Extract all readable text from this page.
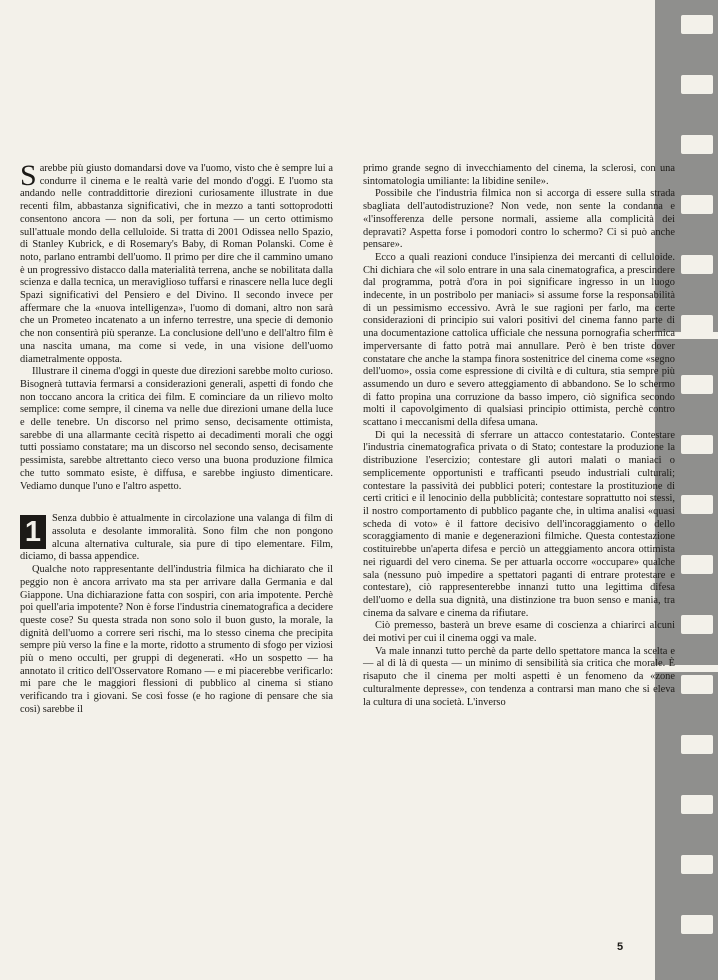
Sarebbe più giusto domandarsi dove va l'uomo, visto che è sempre lui a condurre il cinema e le realtà varie del mondo d'oggi. E l'uomo sta andando nelle contraddittorie direzioni curiosamente illustrate in due recenti film, abbastanza significativi, che in mezzo a tanti sottoprodotti consentono ancora — non da soli, per fortuna — un certo ottimismo sull'attuale mondo della celluloide. Si tratta di 2001 Odissea nello Spazio, di Stanley Kubrick, e di Rosemary's Baby, di Roman Polanski. Come è noto, parlano entrambi dell'uomo. Il primo per dire che il cammino umano è un progressivo distacco dalla materialità terrena, anche se nobilitata dalla scienza e dalla tecnica, un meraviglioso tuffarsi e rinascere nella luce degli Spazi significativi del Pensiero e del Divino. Il secondo invece per affermare che la «nuova intelligenza», l'uomo di domani, altro non sarà che un Prometeo incatenato a un inferno terrestre, una specie di demonio che non consentirà più speranze. La conclusione dell'uno e dell'altro film è una nascita umana, ma come si vede, in una visione dell'uomo diametralmente opposta.

Illustrare il cinema d'oggi in queste due direzioni sarebbe molto curioso. Bisognerà tuttavia fermarsi a considerazioni generali, aspetti di fondo che non toccano ancora la critica dei film. E cominciare da un rilievo molto semplice: come sempre, il cinema va nelle due direzioni umane della luce e delle tenebre. Un discorso nel primo senso, decisamente ottimista, sarebbe di una allarmante cecità rispetto ai decadimenti morali che oggi tutti possiamo constatare; ma un discorso nel secondo senso, decisamente pessimista, sarebbe altrettanto cieco verso una buona produzione filmica che tutto sommato esiste, è diffusa, e sarebbe ingiusto dimenticare. Vediamo dunque l'uno e l'altro aspetto.

1	Senza dubbio è attualmente in circolazione una valanga di film di assoluta e desolante immoralità. Sono film che non pongono alcuna alternativa culturale, sia pure di tipo elementare. Film, diciamo, di bassa appendice.

Qualche noto rappresentante dell'industria filmica ha dichiarato che il peggio non è ancora arrivato ma sta per arrivare dalla Germania e dal Giappone. Una dichiarazione fatta con sospiri, con aria impotente. Perchè poi quell'aria impotente? Non è forse l'industria cinematografica a decidere queste cose? Su questa strada non sono solo il buon gusto, la morale, la dignità dell'uomo a correre seri rischi, ma lo stesso cinema che precipita sempre più verso la fine e la morte, ridotto a strumento di sfogo per viziosi più o meno occulti, per gruppi di degenerati. «Ho un sospetto — ha annotato il critico dell'Osservatore Romano — e mi piacerebbe verificarlo: mi pare che le maggiori flessioni di pubblico al cinema si stiano verificando tra i giovani. Se così fosse (e ho ragione di pensare che sia così) sarebbe il

primo grande segno di invecchiamento del cinema, la sclerosi, con una sintomatologia umiliante: la libidine senile».

Possibile che l'industria filmica non si accorga di essere sulla strada sbagliata dell'autodistruzione? Non vede, non sente la condanna e «l'insofferenza delle persone normali, assieme alla complicità dei depravati? Aspetta forse i pomodori contro lo schermo? Ci si può anche pensare».

Ecco a quali reazioni conduce l'insipienza dei mercanti di celluloide. Chi dichiara che «il solo entrare in una sala cinematografica, a prescindere dal programma, potrà d'ora in poi significare ingresso in un luogo indecente, in un postribolo per maniaci» si assume forse la responsabilità di un pessimismo eccessivo. Avrà le sue ragioni per farlo, ma certe considerazioni di principio sui valori positivi del cinema fanno parte di una documentazione cattolica ufficiale che nessuna pornografia schermica imperversante di fatto potrà mai annullare. Però è ben triste dover constatare che anche la stampa finora sostenitrice del cinema come «segno dell'uomo», ossia come espressione di civiltà e di cultura, stia sempre più assumendo un duro e severo atteggiamento di abbandono. Se lo schermo di fatto propina una corruzione da basso impero, ciò significa secondo molti il capovolgimento di qualsiasi principio ottimista, perchè contro scattano i meccanismi della difesa umana.

Di qui la necessità di sferrare un attacco contestatario. Contestare l'industria cinematografica privata o di Stato; contestare la produzione la distribuzione l'esercizio; contestare gli autori malati o maniaci o semplicemente opportunisti e trafficanti pseudo industriali culturali; contestare la passività dei pubblici poteri; contestare la prostituzione di certi critici e il lenocinio della pubblicità; contestare soprattutto noi stessi, il nostro comportamento di pubblico pagante che, in ultima analisi «quasi scheda di voto» è il fattore decisivo dell'incoraggiamento o dello scoraggiamento di manie e degenerazioni filmiche. Questa contestazione costituirebbe un'aperta difesa e perciò un atteggiamento ancora ottimista nei riguardi del vero cinema. Se per attuarla occorre «occupare» qualche sala (nessuno può impedire a spettatori paganti di entrare protestare e contestare), ciò rappresenterebbe innanzi tutto una legittima difesa dell'uomo e della sua dignità, una distinzione tra buon senso e mania, tra cinema da salvare e cinema da rifiutare.

Ciò premesso, basterà un breve esame di coscienza a chiarirci alcuni dei motivi per cui il cinema oggi va male.

Va male innanzi tutto perchè da parte dello spettatore manca la scelta e — al di là di questa — un minimo di sensibilità sia critica che morale. È risaputo che il cinema per molti aspetti è un fenomeno da «zone culturalmente depresse», con tendenza a contrarsi man mano che si eleva la cultura di una società. L'inverso

5
